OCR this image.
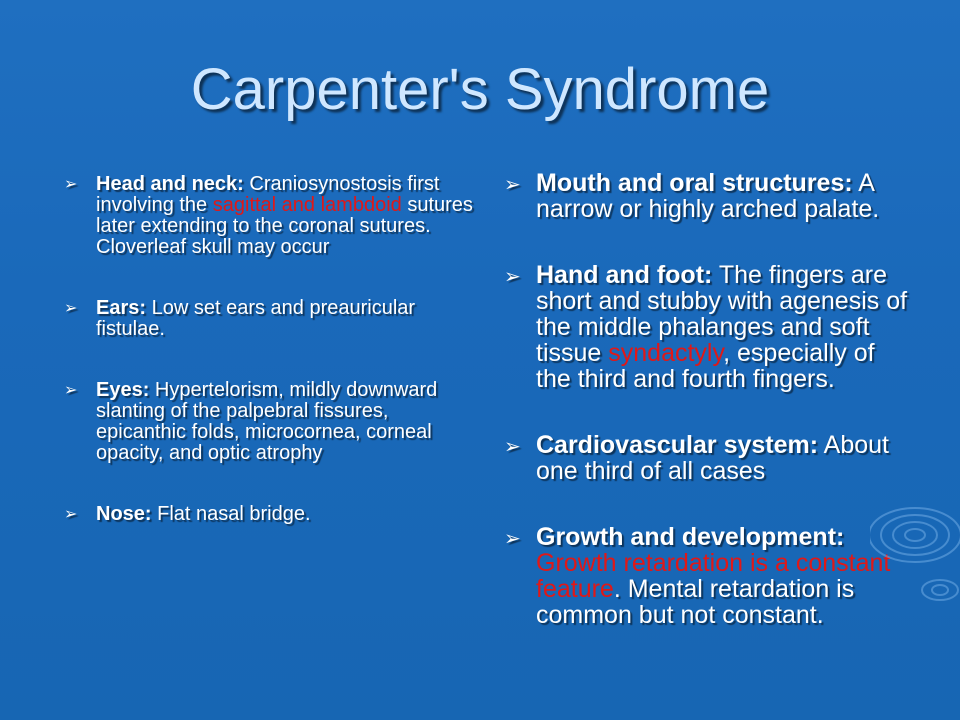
Carpenter's Syndrome
➢ Head and neck: Craniosynostosis first involving the sagittal and lambdoid sutures later extending to the coronal sutures. Cloverleaf skull may occur
➢ Ears: Low set ears and preauricular fistulae.
➢ Eyes: Hypertelorism, mildly downward slanting of the palpebral fissures, epicanthic folds, microcornea, corneal opacity, and optic atrophy
➢ Nose: Flat nasal bridge.
➢ Mouth and oral structures: A narrow or highly arched palate.
➢ Hand and foot: The fingers are short and stubby with agenesis of the middle phalanges and soft tissue syndactyly, especially of the third and fourth fingers.
➢ Cardiovascular system: About one third of all cases
➢ Growth and development: Growth retardation is a constant feature. Mental retardation is common but not constant.
